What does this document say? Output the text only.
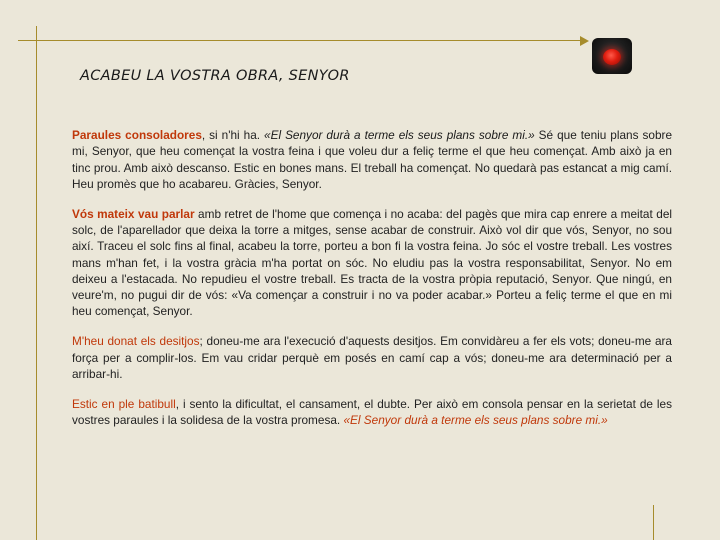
ACABEU LA VOSTRA OBRA, SENYOR

Paraules consoladores, si n'hi ha. «El Senyor durà a terme els seus plans sobre mi.» Sé que teniu plans sobre mi, Senyor, que heu començat la vostra feina i que voleu dur a feliç terme el que heu començat. Amb això ja en tinc prou. Amb això descanso. Estic en bones mans. El treball ha començat. No quedarà pas estancat a mig camí. Heu promès que ho acabareu. Gràcies, Senyor.

Vós mateix vau parlar amb retret de l'home que comença i no acaba: del pagès que mira cap enrere a meitat del solc, de l'aparellador que deixa la torre a mitges, sense acabar de construir. Això vol dir que vós, Senyor, no sou així. Traceu el solc fins al final, acabeu la torre, porteu a bon fi la vostra feina. Jo sóc el vostre treball. Les vostres mans m'han fet, i la vostra gràcia m'ha portat on sóc. No eludiu pas la vostra responsabilitat, Senyor. No em deixeu a l'estacada. No repudieu el vostre treball. Es tracta de la vostra pròpia reputació, Senyor. Que ningú, en veure'm, no pugui dir de vós: «Va començar a construir i no va poder acabar.» Porteu a feliç terme el que en mi heu començat, Senyor.

M'heu donat els desitjos; doneu-me ara l'execució d'aquests desitjos. Em convidàreu a fer els vots; doneu-me ara força per a complir-los. Em vau cridar perquè em posés en camí cap a vós; doneu-me ara determinació per a arribar-hi.

Estic en ple batibull, i sento la dificultat, el cansament, el dubte. Per això em consola pensar en la serietat de les vostres paraules i la solidesa de la vostra promesa. «El Senyor durà a terme els seus plans sobre mi.»
